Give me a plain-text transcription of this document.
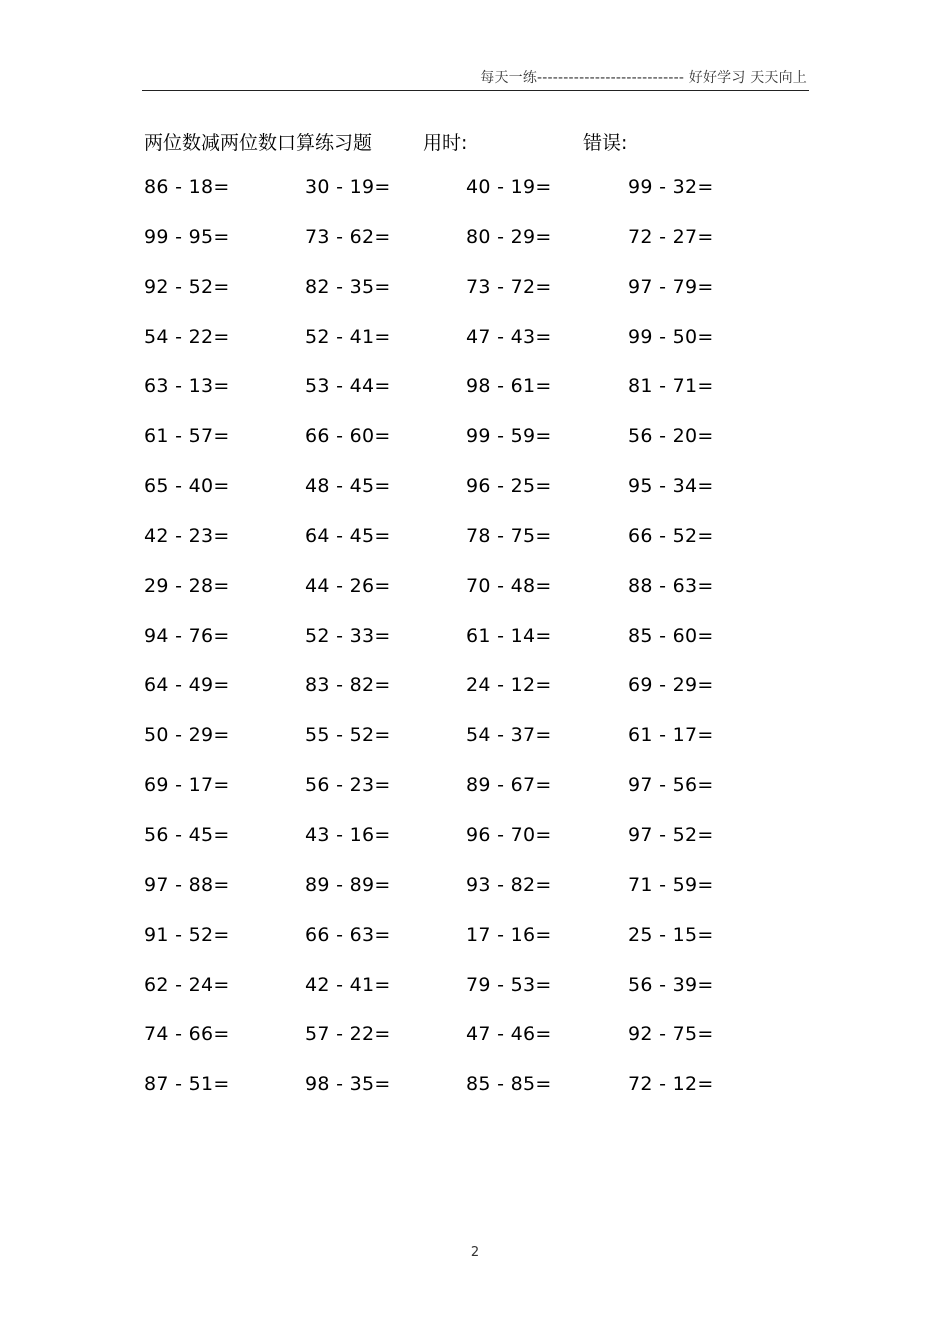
每天一练---------------------------- 好好学习 天天向上
两位数减两位数口算练习题	用时:	错误:
86 - 18=	30 - 19=	40 - 19=	99 - 32=
99 - 95=	73 - 62=	80 - 29=	72 - 27=
92 - 52=	82 - 35=	73 - 72=	97 - 79=
54 - 22=	52 - 41=	47 - 43=	99 - 50=
63 - 13=	53 - 44=	98 - 61=	81 - 71=
61 - 57=	66 - 60=	99 - 59=	56 - 20=
65 - 40=	48 - 45=	96 - 25=	95 - 34=
42 - 23=	64 - 45=	78 - 75=	66 - 52=
29 - 28=	44 - 26=	70 - 48=	88 - 63=
94 - 76=	52 - 33=	61 - 14=	85 - 60=
64 - 49=	83 - 82=	24 - 12=	69 - 29=
50 - 29=	55 - 52=	54 - 37=	61 - 17=
69 - 17=	56 - 23=	89 - 67=	97 - 56=
56 - 45=	43 - 16=	96 - 70=	97 - 52=
97 - 88=	89 - 89=	93 - 82=	71 - 59=
91 - 52=	66 - 63=	17 - 16=	25 - 15=
62 - 24=	42 - 41=	79 - 53=	56 - 39=
74 - 66=	57 - 22=	47 - 46=	92 - 75=
87 - 51=	98 - 35=	85 - 85=	72 - 12=
2
